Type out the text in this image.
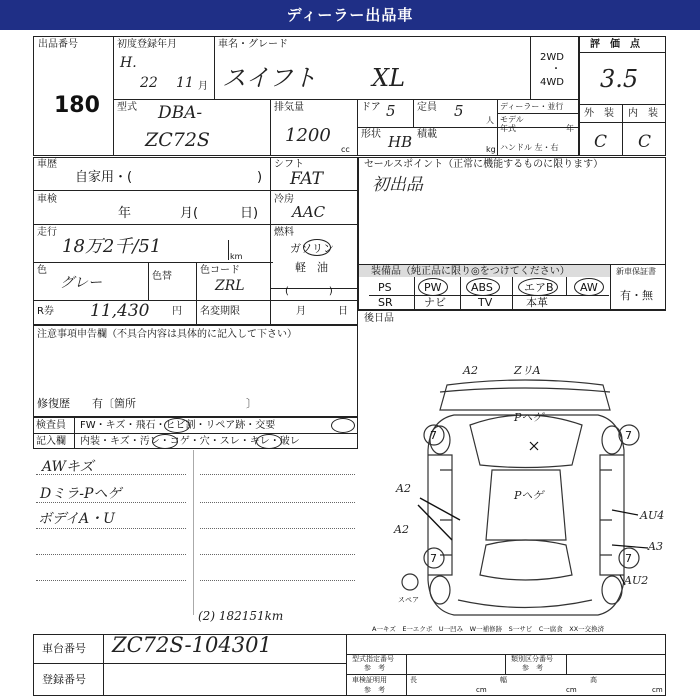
ディーラー出品車
出品番号
180
初度登録年月
H.
22 11 月
車名・グレード
スイフト XL
2WD
・
4WD
評　価　点
3.5
型式 DBA-
ZC72S
排気量
1200
cc
ドア 5 定員 5
人
ディーラー・並行
モデル
年式	年
形状 HB 積載
kg ハンドル 左・右
外　装 内　装
C C
車歴
自家用・(	)
シフト
FAT
車検
年	月(	日)
冷房
AAC
走行
18万2千/51	km
燃料
ガソリン
軽　油
(　　　　)
色
グレー	色替
色コード
ZRL
R券 11,430 円 名変期限	月	日
セールスポイント（正常に機能するものに限ります）
初出品
装備品（純正品に限り◎をつけてください）	新車保証書
有・無
PS	PW	ABS	エアB AW
SR	ナビ	TV	本革
後日品
注意事項申告欄（不具合内容は具体的に記入して下さい）
修復歴　　有〔箇所	〕
検査員
記入欄
FW・キズ・飛石・ヒビ割・リペア跡・交要
内装・キズ・汚レ・コゲ・穴・スレ・キレ・破レ
AWキズ
Dミラ-Pヘゲ
ボデイA・U
(2) 182151km
A2	ZリA
Pヘゲ
Pヘゲ
A2
A2
AU4
A3
AU2
7	7
7	7
スペア
A一キズ　E一エクボ　U一凹み　W一補修跡　S一サビ　C一腐食　XX一交換済
車台番号 ZC72S-104301
登録番号
型式指定番号
参　考
類別区分番号
参　考
車検証明用
参　考
長
cm
幅
cm
高
cm
